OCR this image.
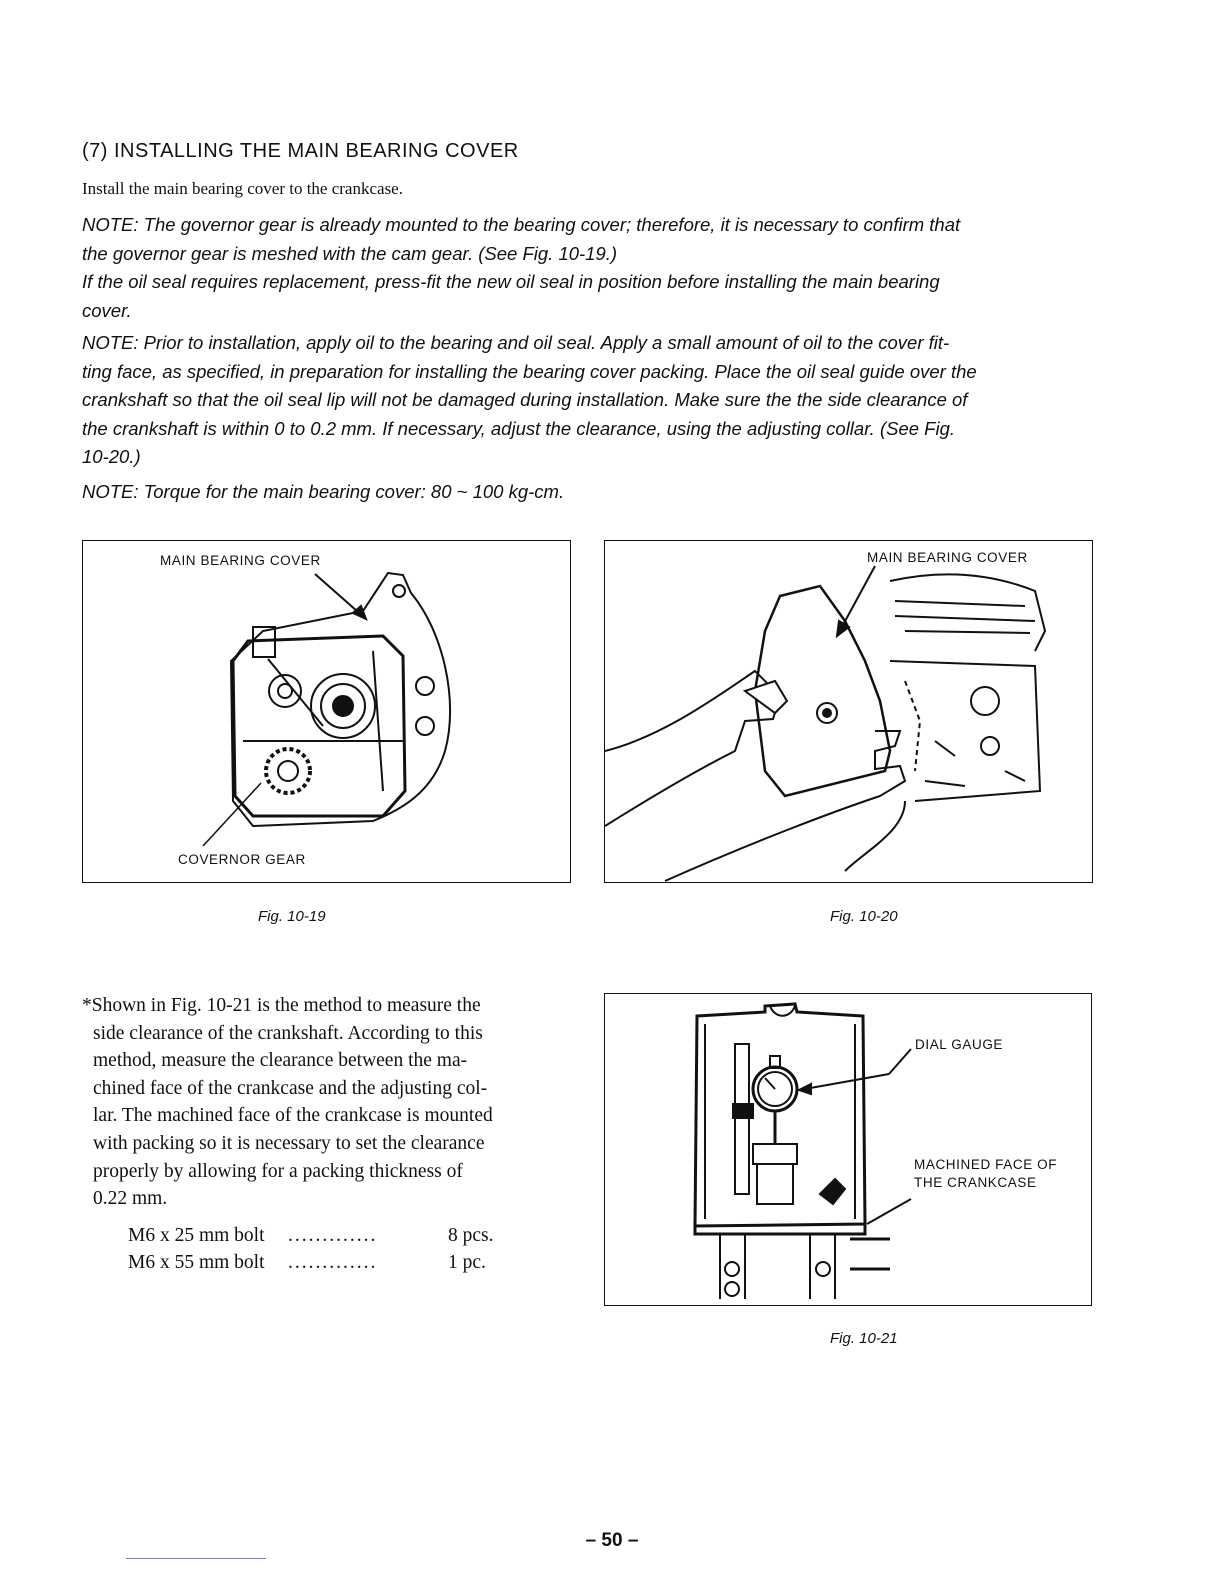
(7) INSTALLING THE MAIN BEARING COVER
Install the main bearing cover to the crankcase.
NOTE: The governor gear is already mounted to the bearing cover; therefore, it is necessary to confirm that
the governor gear is meshed with the cam gear. (See Fig. 10-19.)
If the oil seal requires replacement, press-fit the new oil seal in position before installing the main bearing
cover.
NOTE: Prior to installation, apply oil to the bearing and oil seal. Apply a small amount of oil to the cover fit-
ting face, as specified, in preparation for installing the bearing cover packing. Place the oil seal guide over the
crankshaft so that the oil seal lip will not be damaged during installation. Make sure the the side clearance of
the crankshaft is within 0 to 0.2 mm. If necessary, adjust the clearance, using the adjusting collar. (See Fig.
10-20.)
NOTE: Torque for the main bearing cover: 80 ~ 100 kg-cm.
MAIN BEARING COVER
COVERNOR GEAR
Fig. 10-19
MAIN BEARING COVER
Fig. 10-20
*Shown in Fig. 10-21 is the method to measure the
side clearance of the crankshaft. According to this
method, measure the clearance between the ma-
chined face of the crankcase and the adjusting col-
lar. The machined face of the crankcase is mounted
with packing so it is necessary to set the clearance
properly by allowing for a packing thickness of
0.22 mm.
M6 x 25 mm bolt	.............	8 pcs.
M6 x 55 mm bolt	.............	1 pc.
DIAL GAUGE
MACHINED FACE OF
THE CRANKCASE
Fig. 10-21
– 50 –
